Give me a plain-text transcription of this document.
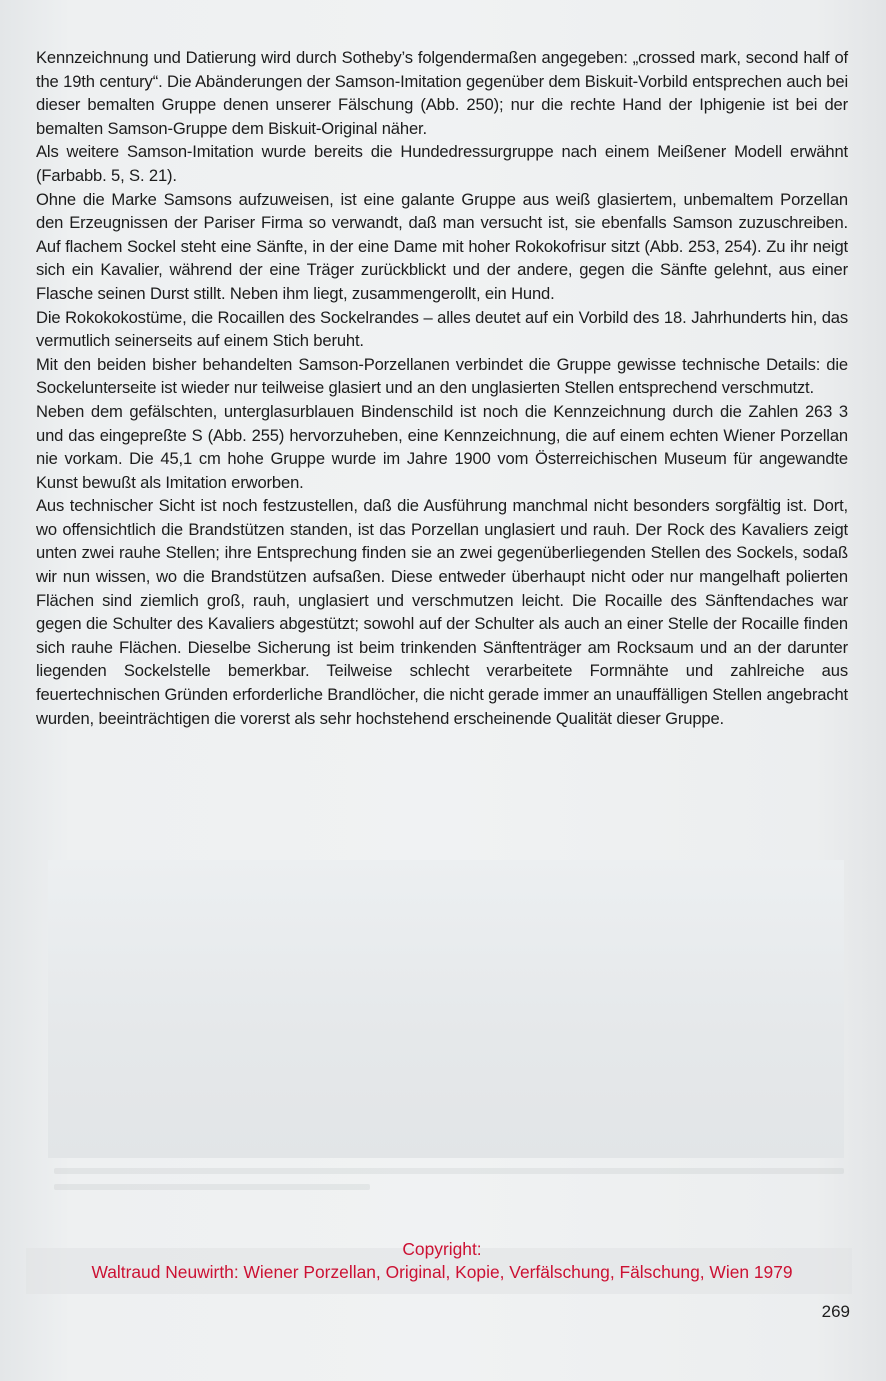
Kennzeichnung und Datierung wird durch Sotheby’s folgendermaßen angegeben: „crossed mark, second half of the 19th century“. Die Abänderungen der Samson-Imitation gegenüber dem Biskuit-Vorbild entsprechen auch bei dieser bemalten Gruppe denen unserer Fälschung (Abb. 250); nur die rechte Hand der Iphigenie ist bei der bemalten Samson-Gruppe dem Biskuit-Original näher.

Als weitere Samson-Imitation wurde bereits die Hundedressurgruppe nach einem Meißener Modell erwähnt (Farbabb. 5, S. 21).

Ohne die Marke Samsons aufzuweisen, ist eine galante Gruppe aus weiß glasiertem, unbemaltem Porzellan den Erzeugnissen der Pariser Firma so verwandt, daß man versucht ist, sie ebenfalls Samson zuzuschreiben. Auf flachem Sockel steht eine Sänfte, in der eine Dame mit hoher Rokokofrisur sitzt (Abb. 253, 254). Zu ihr neigt sich ein Kavalier, während der eine Träger zurückblickt und der andere, gegen die Sänfte gelehnt, aus einer Flasche seinen Durst stillt. Neben ihm liegt, zusammengerollt, ein Hund.

Die Rokokokostüme, die Rocaillen des Sockelrandes – alles deutet auf ein Vorbild des 18. Jahrhunderts hin, das vermutlich seinerseits auf einem Stich beruht.

Mit den beiden bisher behandelten Samson-Porzellanen verbindet die Gruppe gewisse technische Details: die Sockelunterseite ist wieder nur teilweise glasiert und an den unglasierten Stellen entsprechend verschmutzt.

Neben dem gefälschten, unterglasurblauen Bindenschild ist noch die Kennzeichnung durch die Zahlen 263 3 und das eingepreßte S (Abb. 255) hervorzuheben, eine Kennzeichnung, die auf einem echten Wiener Porzellan nie vorkam. Die 45,1 cm hohe Gruppe wurde im Jahre 1900 vom Österreichischen Museum für angewandte Kunst bewußt als Imitation erworben.

Aus technischer Sicht ist noch festzustellen, daß die Ausführung manchmal nicht besonders sorgfältig ist. Dort, wo offensichtlich die Brandstützen standen, ist das Porzellan unglasiert und rauh. Der Rock des Kavaliers zeigt unten zwei rauhe Stellen; ihre Entsprechung finden sie an zwei gegenüberliegenden Stellen des Sockels, sodaß wir nun wissen, wo die Brandstützen aufsaßen. Diese entweder überhaupt nicht oder nur mangelhaft polierten Flächen sind ziemlich groß, rauh, unglasiert und verschmutzen leicht. Die Rocaille des Sänftendaches war gegen die Schulter des Kavaliers abgestützt; sowohl auf der Schulter als auch an einer Stelle der Rocaille finden sich rauhe Flächen. Dieselbe Sicherung ist beim trinkenden Sänftenträger am Rocksaum und an der darunter liegenden Sockelstelle bemerkbar. Teilweise schlecht verarbeitete Formnähte und zahlreiche aus feuertechnischen Gründen erforderliche Brandlöcher, die nicht gerade immer an unauffälligen Stellen angebracht wurden, beeinträchtigen die vorerst als sehr hochstehend erscheinende Qualität dieser Gruppe.

Copyright:
Waltraud Neuwirth: Wiener Porzellan, Original, Kopie, Verfälschung, Fälschung, Wien 1979
269
